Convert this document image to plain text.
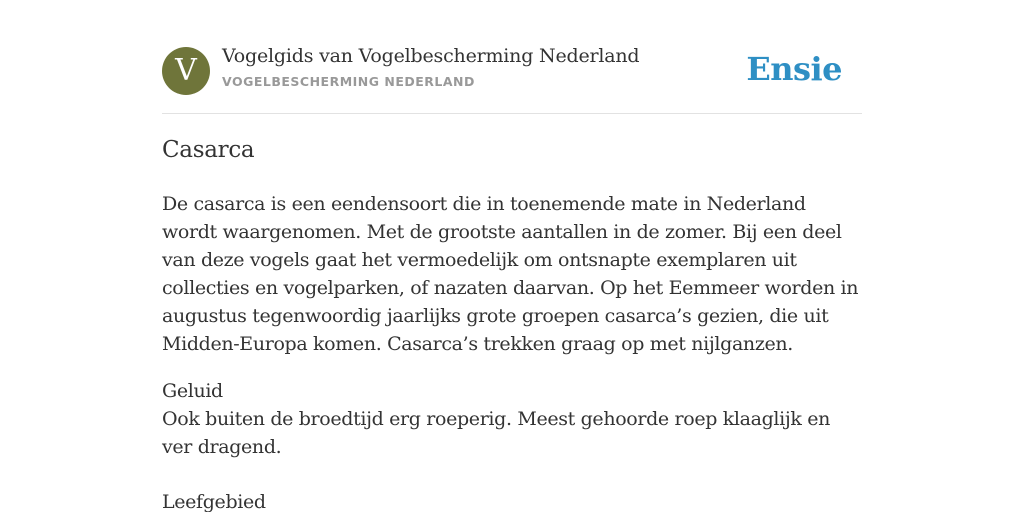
V	Vogelgids van Vogelbescherming Nederland
VOGELBESCHERMING NEDERLAND	Ensie
Casarca

De casarca is een eendensoort die in toenemende mate in Nederland wordt waargenomen. Met de grootste aantallen in de zomer. Bij een deel van deze vogels gaat het vermoedelijk om ontsnapte exemplaren uit collecties en vogelparken, of nazaten daarvan. Op het Eemmeer worden in augustus tegenwoordig jaarlijks grote groepen casarca’s gezien, die uit Midden-Europa komen. Casarca’s trekken graag op met nijlganzen.

Geluid
Ook buiten de broedtijd erg roeperig. Meest gehoorde roep klaaglijk en ver dragend.

Leefgebied
